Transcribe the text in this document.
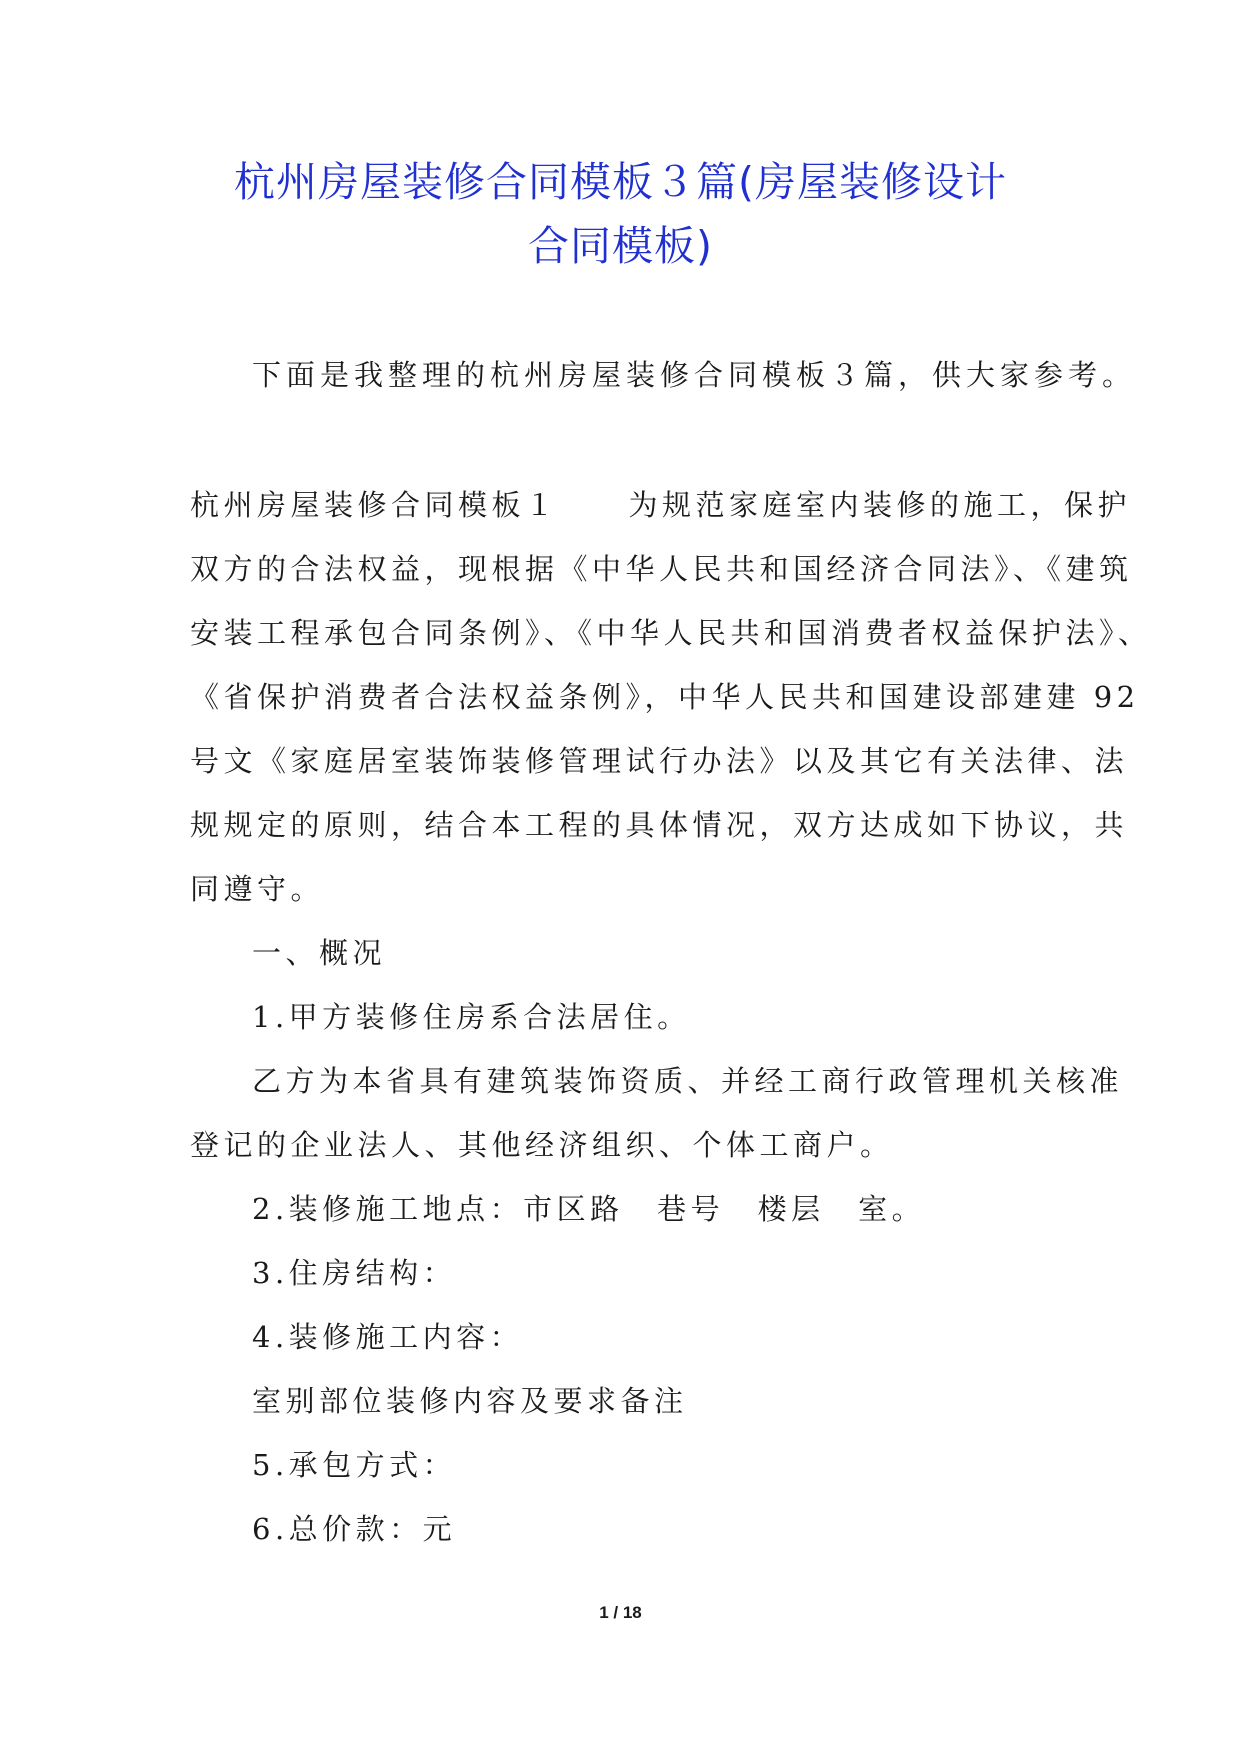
杭州房屋装修合同模板３篇(房屋装修设计
合同模板)
下面是我整理的杭州房屋装修合同模板３篇，供大家参考。
杭州房屋装修合同模板１ 为规范家庭室内装修的施工，保护
双方的合法权益，现根据《中华人民共和国经济合同法》、《建筑
安装工程承包合同条例》、《中华人民共和国消费者权益保护法》、
《省保护消费者合法权益条例》，中华人民共和国建设部建建 92
号文《家庭居室装饰装修管理试行办法》以及其它有关法律、法
规规定的原则，结合本工程的具体情况，双方达成如下协议，共
同遵守。
一、概况
1.甲方装修住房系合法居住。
乙方为本省具有建筑装饰资质、并经工商行政管理机关核准
登记的企业法人、其他经济组织、个体工商户。
2.装修施工地点：市区路　巷号　楼层　室。
3.住房结构：
4.装修施工内容：
室别部位装修内容及要求备注
5.承包方式：
6.总价款：元
1 / 18
